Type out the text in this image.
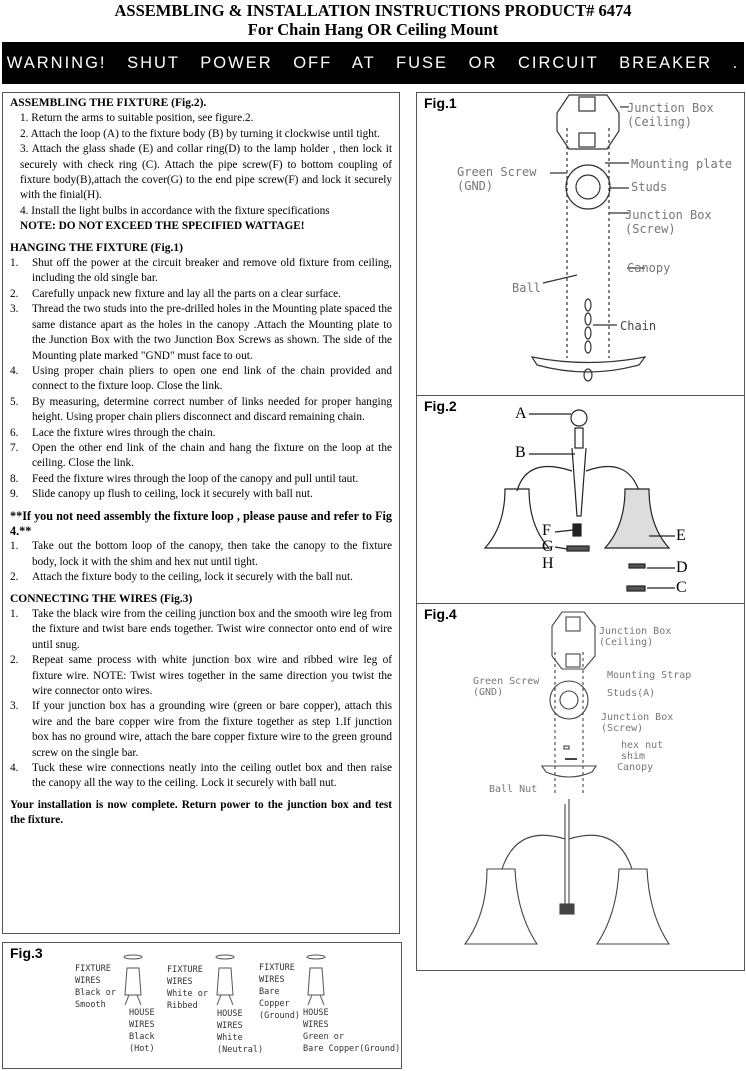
ASSEMBLING & INSTALLATION INSTRUCTIONS PRODUCT# 6474
For Chain Hang OR Ceiling Mount
WARNING! SHUT POWER OFF AT FUSE OR CIRCUIT BREAKER .
ASSEMBLING THE FIXTURE (Fig.2).
1. Return the arms to suitable position, see figure.2.
2. Attach the loop (A) to the fixture body (B) by turning it clockwise until tight.
3. Attach the glass shade (E) and collar ring(D) to the lamp holder , then lock it securely with check ring (C). Attach the pipe screw(F) to bottom coupling of fixture body(B),attach the cover(G) to the end pipe screw(F) and lock it securely with the finial(H).
4. Install the light bulbs in accordance with the fixture specifications
NOTE: DO NOT EXCEED THE SPECIFIED WATTAGE!
HANGING THE FIXTURE (Fig.1)
1. Shut off the power at the circuit breaker and remove old fixture from ceiling, including the old single bar.
2. Carefully unpack new fixture and lay all the parts on a clear surface.
3. Thread the two studs into the pre-drilled holes in the Mounting plate spaced the same distance apart as the holes in the canopy .Attach the Mounting plate to the Junction Box with the two Junction Box Screws as shown. The side of the Mounting plate marked "GND" must face to out.
4. Using proper chain pliers to open one end link of the chain provided and connect to the fixture loop. Close the link.
5. By measuring, determine correct number of links needed for proper hanging height. Using proper chain pliers disconnect and discard remaining chain.
6. Lace the fixture wires through the chain.
7. Open the other end link of the chain and hang the fixture on the loop at the ceiling. Close the link.
8. Feed the fixture wires through the loop of the canopy and pull until taut.
9. Slide canopy up flush to ceiling, lock it securely with ball nut.
**If you not need assembly the fixture loop , please pause and refer to Fig 4.**
1. Take out the bottom loop of the canopy, then take the canopy to the fixture body, lock it with the shim and hex nut until tight.
2. Attach the fixture body to the ceiling, lock it securely with the ball nut.
CONNECTING THE WIRES (Fig.3)
1. Take the black wire from the ceiling junction box and the smooth wire leg from the fixture and twist bare ends together. Twist wire connector onto end of wire until snug.
2. Repeat same process with white junction box wire and ribbed wire leg of fixture wire. NOTE: Twist wires together in the same direction you twist the wire connector onto wires.
3. If your junction box has a grounding wire (green or bare copper), attach this wire and the bare copper wire from the fixture together as step 1.If junction box has no ground wire, attach the bare copper fixture wire to the green ground screw on the single bar.
4. Tuck these wire connections neatly into the ceiling outlet box and then raise the canopy all the way to the ceiling. Lock it securely with ball nut.
Your installation is now complete. Return power to the junction box and test the fixture.
Fig.1	Junction Box
(Ceiling)
Green Screw
(GND)
Mounting plate
Studs
Junction Box
(Screw)
Canopy
Ball
Chain
Fig.2	A
B
F
G
H
E
D
C
Fig.4
Junction Box
(Ceiling)
Mounting Strap
Green Screw
(GND)	Studs(A)
Junction Box
(Screw)
hex nut
shim
Canopy
Ball Nut
Fig.3
FIXTURE
WIRES
Black or
Smooth
HOUSE
WIRES
Black
(Hot)
FIXTURE
WIRES
White or
Ribbed
HOUSE
WIRES
White
(Neutral)
FIXTURE
WIRES
Bare
Copper
(Ground) HOUSE
WIRES
Green or
Bare Copper(Ground)
